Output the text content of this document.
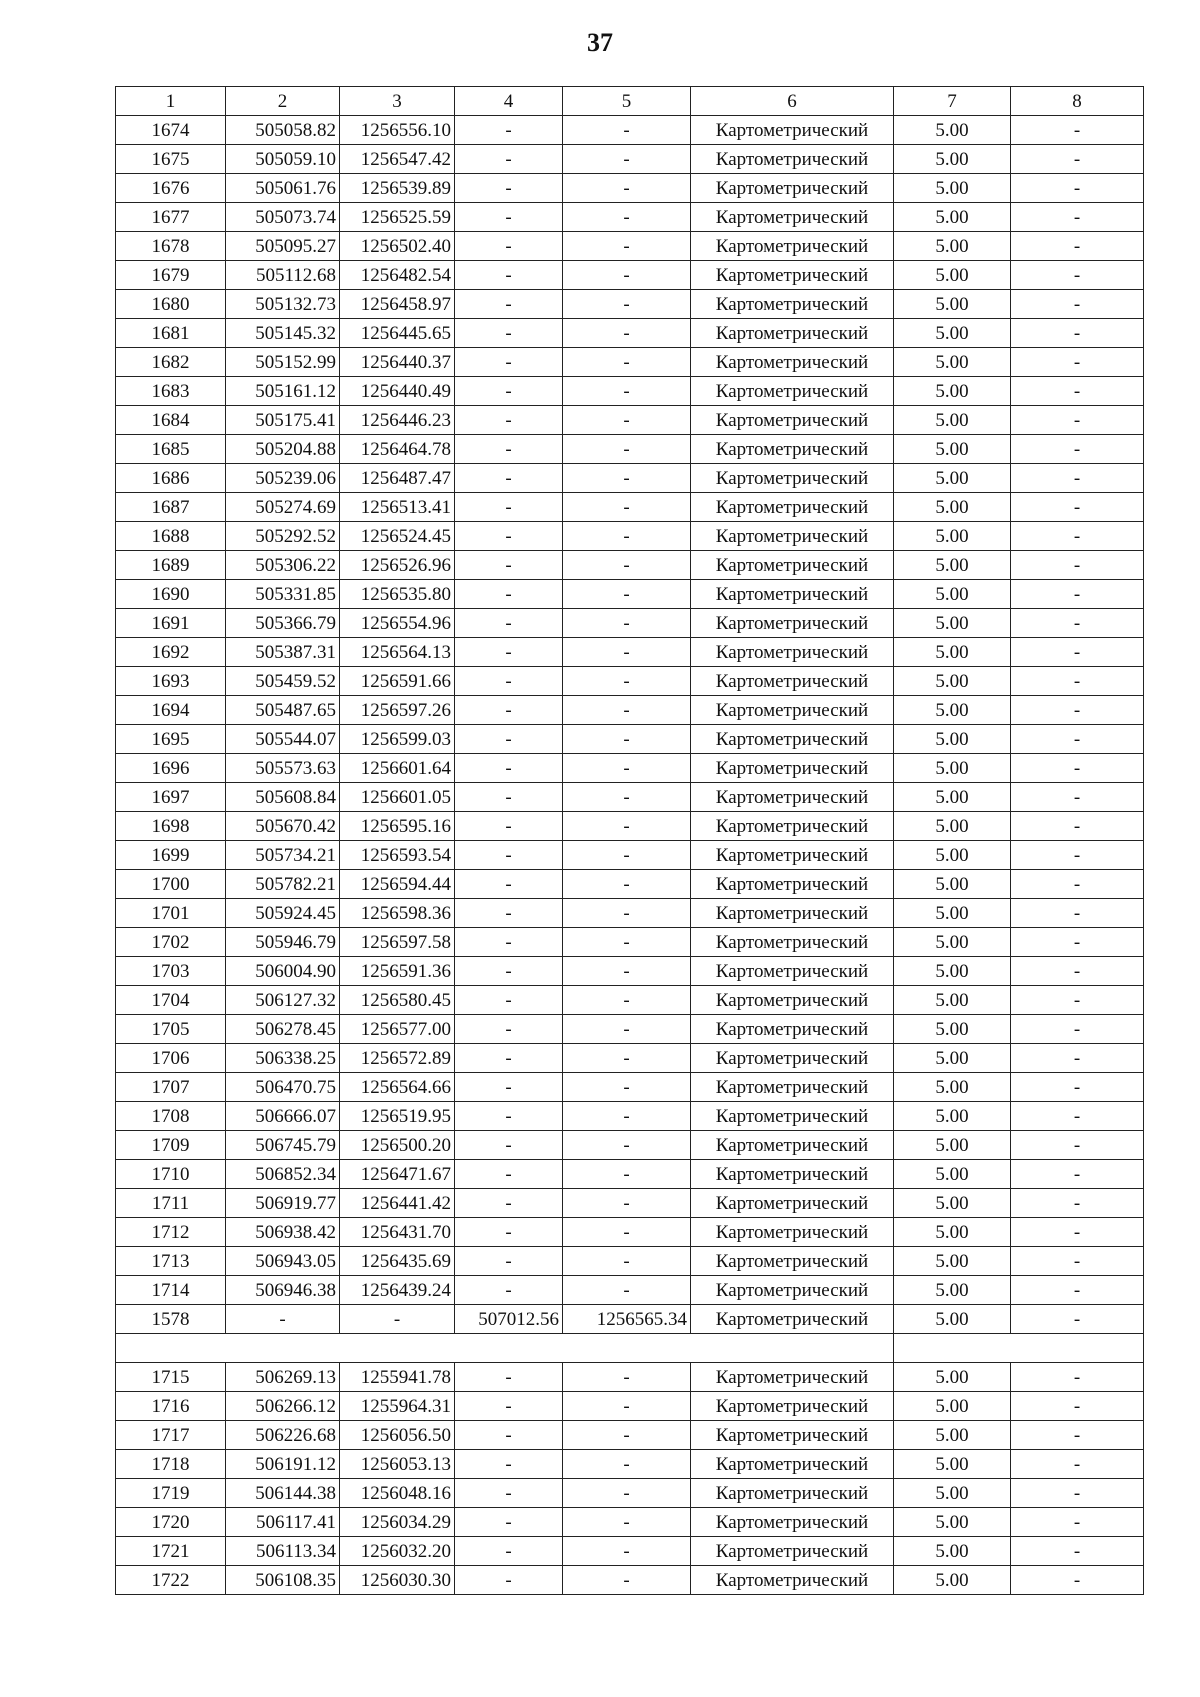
37
1	2	3	4	5	6	7	8
1674	505058.82	1256556.10	-	-	Картометрический	5.00	-
1675	505059.10	1256547.42	-	-	Картометрический	5.00	-
1676	505061.76	1256539.89	-	-	Картометрический	5.00	-
1677	505073.74	1256525.59	-	-	Картометрический	5.00	-
1678	505095.27	1256502.40	-	-	Картометрический	5.00	-
1679	505112.68	1256482.54	-	-	Картометрический	5.00	-
1680	505132.73	1256458.97	-	-	Картометрический	5.00	-
1681	505145.32	1256445.65	-	-	Картометрический	5.00	-
1682	505152.99	1256440.37	-	-	Картометрический	5.00	-
1683	505161.12	1256440.49	-	-	Картометрический	5.00	-
1684	505175.41	1256446.23	-	-	Картометрический	5.00	-
1685	505204.88	1256464.78	-	-	Картометрический	5.00	-
1686	505239.06	1256487.47	-	-	Картометрический	5.00	-
1687	505274.69	1256513.41	-	-	Картометрический	5.00	-
1688	505292.52	1256524.45	-	-	Картометрический	5.00	-
1689	505306.22	1256526.96	-	-	Картометрический	5.00	-
1690	505331.85	1256535.80	-	-	Картометрический	5.00	-
1691	505366.79	1256554.96	-	-	Картометрический	5.00	-
1692	505387.31	1256564.13	-	-	Картометрический	5.00	-
1693	505459.52	1256591.66	-	-	Картометрический	5.00	-
1694	505487.65	1256597.26	-	-	Картометрический	5.00	-
1695	505544.07	1256599.03	-	-	Картометрический	5.00	-
1696	505573.63	1256601.64	-	-	Картометрический	5.00	-
1697	505608.84	1256601.05	-	-	Картометрический	5.00	-
1698	505670.42	1256595.16	-	-	Картометрический	5.00	-
1699	505734.21	1256593.54	-	-	Картометрический	5.00	-
1700	505782.21	1256594.44	-	-	Картометрический	5.00	-
1701	505924.45	1256598.36	-	-	Картометрический	5.00	-
1702	505946.79	1256597.58	-	-	Картометрический	5.00	-
1703	506004.90	1256591.36	-	-	Картометрический	5.00	-
1704	506127.32	1256580.45	-	-	Картометрический	5.00	-
1705	506278.45	1256577.00	-	-	Картометрический	5.00	-
1706	506338.25	1256572.89	-	-	Картометрический	5.00	-
1707	506470.75	1256564.66	-	-	Картометрический	5.00	-
1708	506666.07	1256519.95	-	-	Картометрический	5.00	-
1709	506745.79	1256500.20	-	-	Картометрический	5.00	-
1710	506852.34	1256471.67	-	-	Картометрический	5.00	-
1711	506919.77	1256441.42	-	-	Картометрический	5.00	-
1712	506938.42	1256431.70	-	-	Картометрический	5.00	-
1713	506943.05	1256435.69	-	-	Картометрический	5.00	-
1714	506946.38	1256439.24	-	-	Картометрический	5.00	-
1578	-	-	507012.56	1256565.34	Картометрический	5.00	-

1715	506269.13	1255941.78	-	-	Картометрический	5.00	-
1716	506266.12	1255964.31	-	-	Картометрический	5.00	-
1717	506226.68	1256056.50	-	-	Картометрический	5.00	-
1718	506191.12	1256053.13	-	-	Картометрический	5.00	-
1719	506144.38	1256048.16	-	-	Картометрический	5.00	-
1720	506117.41	1256034.29	-	-	Картометрический	5.00	-
1721	506113.34	1256032.20	-	-	Картометрический	5.00	-
1722	506108.35	1256030.30	-	-	Картометрический	5.00	-
